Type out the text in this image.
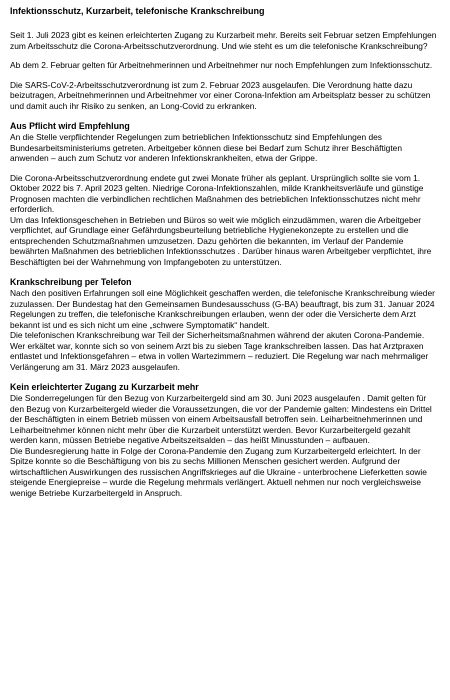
Infektionsschutz, Kurzarbeit, telefonische Krankschreibung

Seit 1. Juli 2023 gibt es keinen erleichterten Zugang zu Kurzarbeit mehr. Bereits seit Februar setzen Empfehlungen zum Arbeitsschutz die Corona-Arbeitsschutzverordnung. Und wie steht es um die telefonische Krankschreibung?

Ab dem 2. Februar gelten für Arbeitnehmerinnen und Arbeitnehmer nur noch Empfehlungen zum Infektionsschutz.

Die SARS-CoV-2-Arbeitsschutzverordnung ist zum 2. Februar 2023 ausgelaufen. Die Verordnung hatte dazu beizutragen, Arbeitnehmerinnen und Arbeitnehmer vor einer Corona-Infektion am Arbeitsplatz besser zu schützen und damit auch ihr Risiko zu senken, an Long-Covid zu erkranken.

Aus Pflicht wird Empfehlung

An die Stelle verpflichtender Regelungen zum betrieblichen Infektionsschutz sind Empfehlungen des Bundesarbeitsministeriums getreten. Arbeitgeber können diese bei Bedarf zum Schutz ihrer Beschäftigten anwenden – auch zum Schutz vor anderen Infektionskrankheiten, etwa der Grippe.

Die Corona-Arbeitsschutzverordnung endete gut zwei Monate früher als geplant. Ursprünglich sollte sie vom 1. Oktober 2022 bis 7. April 2023 gelten. Niedrige Corona-Infektionszahlen, milde Krankheitsverläufe und günstige Prognosen machten die verbindlichen rechtlichen Maßnahmen des betrieblichen Infektionsschutzes nicht mehr erforderlich.

Um das Infektionsgeschehen in Betrieben und Büros so weit wie möglich einzudämmen, waren die Arbeitgeber verpflichtet, auf Grundlage einer Gefährdungsbeurteilung betriebliche Hygienekonzepte zu erstellen und die entsprechenden Schutzmaßnahmen umzusetzen. Dazu gehörten die bekannten, im Verlauf der Pandemie bewährten Maßnahmen des betrieblichen Infektionsschutzes . Darüber hinaus waren Arbeitgeber verpflichtet, ihre Beschäftigten bei der Wahrnehmung von Impfangeboten zu unterstützen.

Krankschreibung per Telefon

Nach den positiven Erfahrungen soll eine Möglichkeit geschaffen werden, die telefonische Krankschreibung wieder zuzulassen. Der Bundestag hat den Gemeinsamen Bundesausschuss (G-BA) beauftragt, bis zum 31. Januar 2024 Regelungen zu treffen, die telefonische Krankschreibungen erlauben, wenn der oder die Versicherte dem Arzt bekannt ist und es sich nicht um eine „schwere Symptomatik“ handelt.

Die telefonischen Krankschreibung war Teil der Sicherheitsmaßnahmen während der akuten Corona-Pandemie. Wer erkältet war, konnte sich so von seinem Arzt bis zu sieben Tage krankschreiben lassen. Das hat Arztpraxen entlastet und Infektionsgefahren – etwa in vollen Wartezimmern – reduziert. Die Regelung war nach mehrmaliger Verlängerung am 31. März 2023 ausgelaufen.

Kein erleichterter Zugang zu Kurzarbeit mehr

Die Sonderregelungen für den Bezug von Kurzarbeitergeld sind am 30. Juni 2023 ausgelaufen . Damit gelten für den Bezug von Kurzarbeitergeld wieder die Voraussetzungen, die vor der Pandemie galten: Mindestens ein Drittel der Beschäftigten in einem Betrieb müssen von einem Arbeitsausfall betroffen sein. Leiharbeitnehmerinnen und Leiharbeitnehmer können nicht mehr über die Kurzarbeit unterstützt werden. Bevor Kurzarbeitergeld gezahlt werden kann, müssen Betriebe negative Arbeitszeitsalden – das heißt Minusstunden – aufbauen.

Die Bundesregierung hatte in Folge der Corona-Pandemie den Zugang zum Kurzarbeitergeld erleichtert. In der Spitze konnte so die Beschäftigung von bis zu sechs Millionen Menschen gesichert werden. Aufgrund der wirtschaftlichen Auswirkungen des russischen Angriffskrieges auf die Ukraine - unterbrochene Lieferketten sowie steigende Energiepreise – wurde die Regelung mehrmals verlängert. Aktuell nehmen nur noch vergleichsweise wenige Betriebe Kurzarbeitergeld in Anspruch.
